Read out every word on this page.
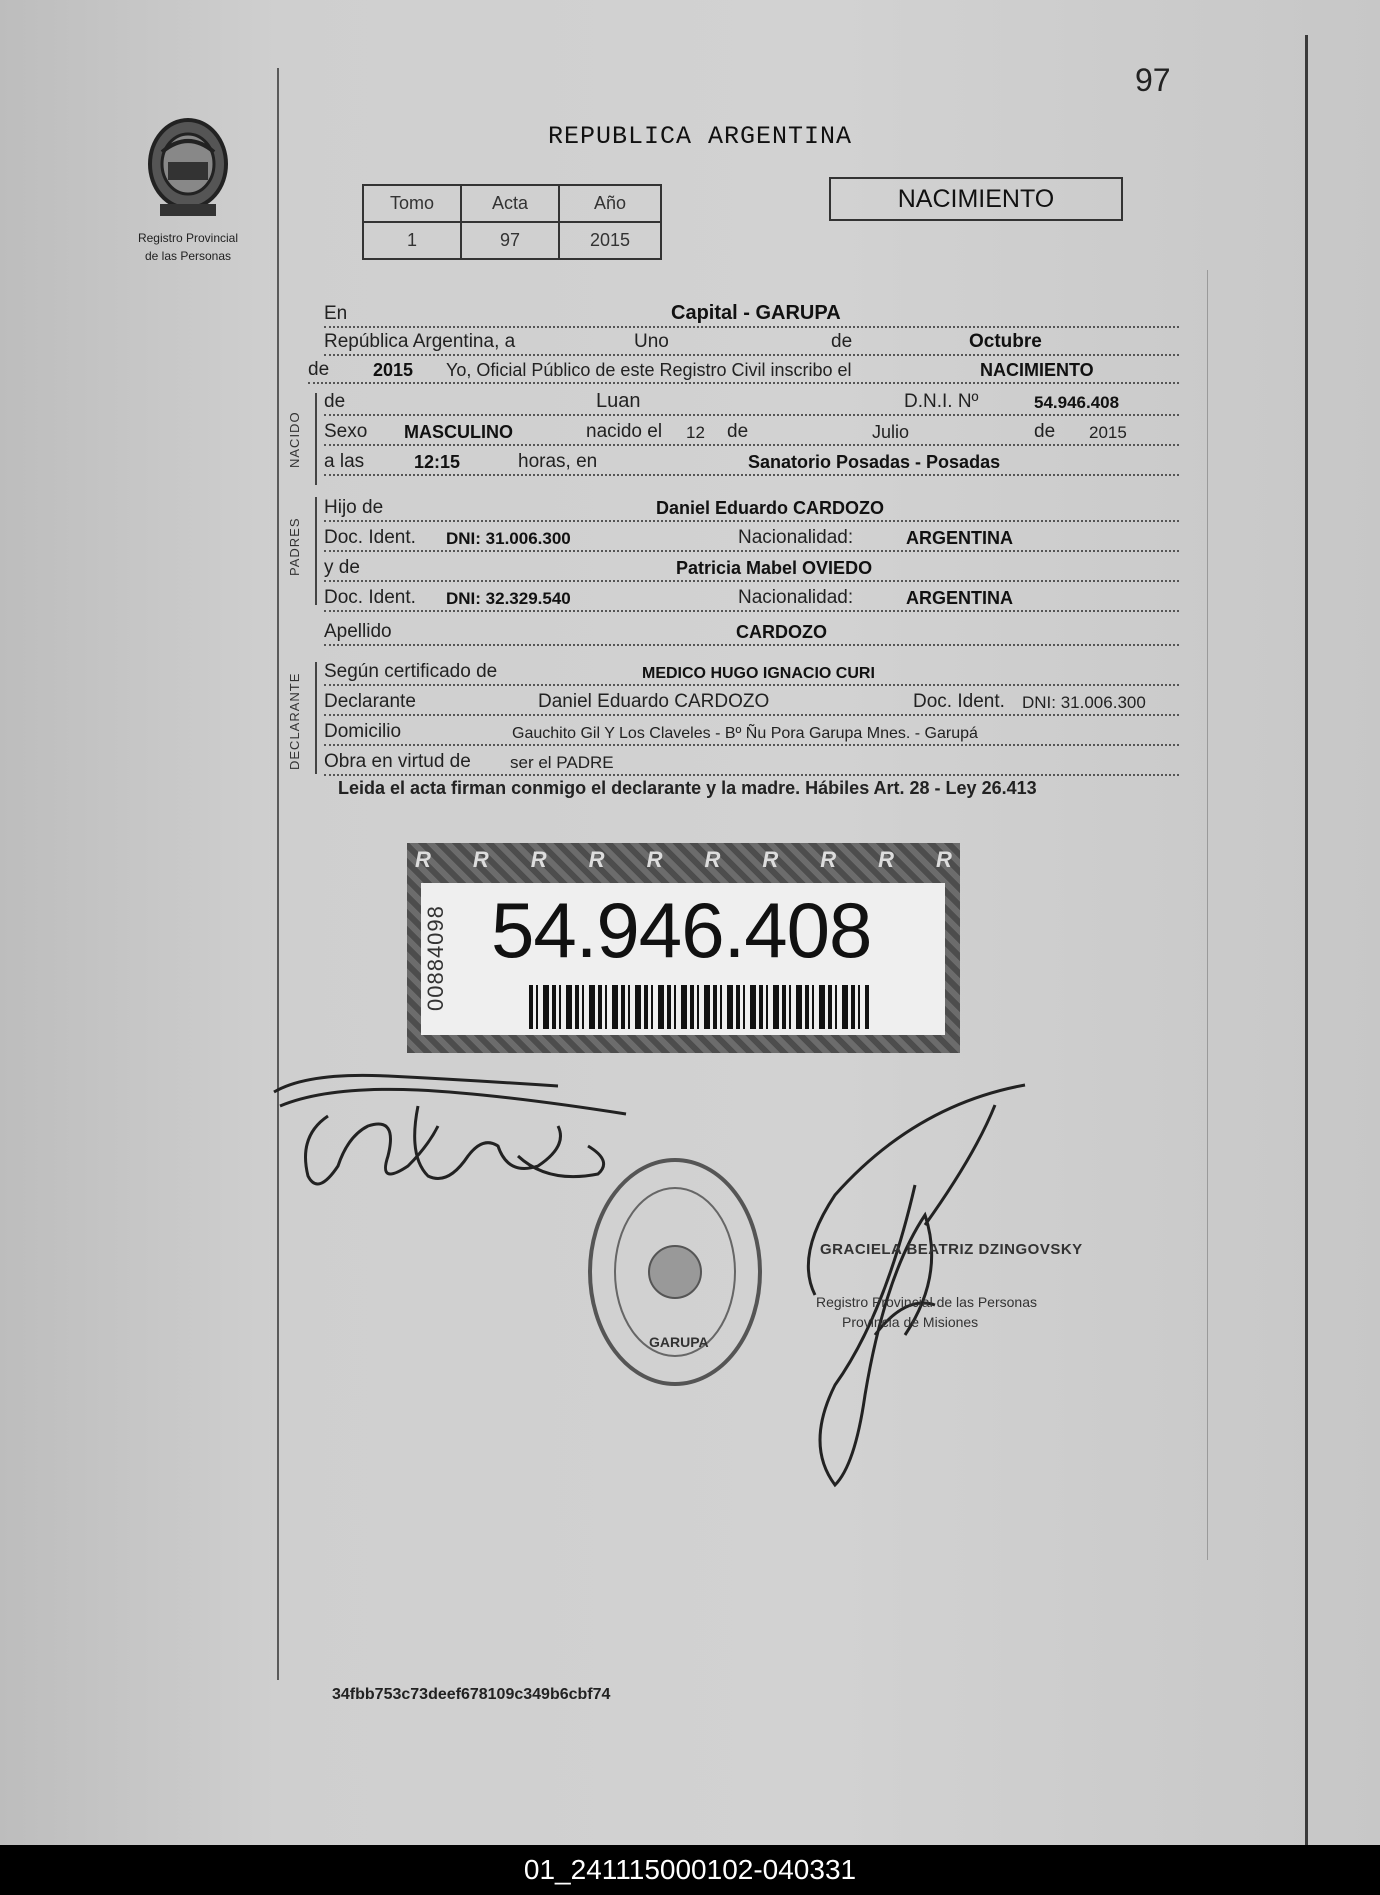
97
Registro Provincial
de las Personas
REPUBLICA ARGENTINA
Tomo	Acta	Año
1	97	2015
NACIMIENTO
En	Capital - GARUPA
República Argentina, a	Uno	de	Octubre
de 2015 Yo, Oficial Público de este Registro Civil inscribo el	NACIMIENTO
NACIDO
de	Luan	D.N.I. Nº	54.946.408
Sexo MASCULINO	nacido el 12 de	Julio	de 2015
a las	12:15	horas, en	Sanatorio Posadas - Posadas
PADRES
Hijo de	Daniel Eduardo CARDOZO
Doc. Ident. DNI: 31.006.300	Nacionalidad:	ARGENTINA
y de	Patricia Mabel OVIEDO
Doc. Ident. DNI: 32.329.540	Nacionalidad:	ARGENTINA
Apellido	CARDOZO
DECLARANTE
Según certificado de	MEDICO HUGO IGNACIO CURI
Declarante	Daniel Eduardo CARDOZO	Doc. Ident. DNI: 31.006.300
Domicilio	Gauchito Gil Y Los Claveles - Bº Ñu Pora Garupa Mnes. - Garupá
Obra en virtud de ser el PADRE
Leida el acta firman conmigo el declarante y la madre. Hábiles Art. 28 - Ley 26.413
R R R R R R R R R R
00884098 54.946.408
GARUPA
GRACIELA BEATRIZ DZINGOVSKY
Registro Provincial de las Personas
Provincia de Misiones
34fbb753c73deef678109c349b6cbf74
01_241115000102-040331
